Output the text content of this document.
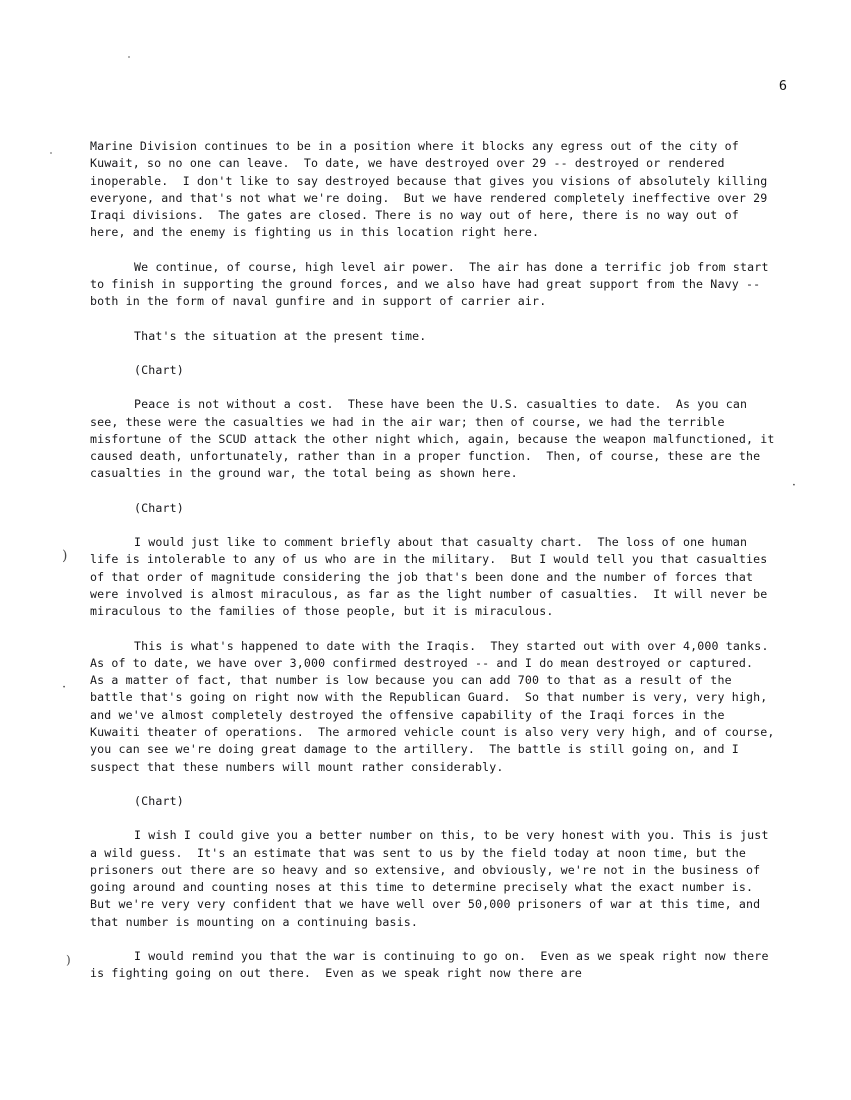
6
)
)
·
·

Marine Division continues to be in a position where it blocks any egress out of the city of Kuwait, so no one can leave.  To date, we have destroyed over 29 -- destroyed or rendered inoperable.  I don't like to say destroyed because that gives you visions of absolutely killing everyone, and that's not what we're doing.  But we have rendered completely ineffective over 29 Iraqi divisions.  The gates are closed. There is no way out of here, there is no way out of here, and the enemy is fighting us in this location right here.

We continue, of course, high level air power.  The air has done a terrific job from start to finish in supporting the ground forces, and we also have had great support from the Navy -- both in the form of naval gunfire and in support of carrier air.

That's the situation at the present time.

(Chart)

Peace is not without a cost.  These have been the U.S. casualties to date.  As you can see, these were the casualties we had in the air war; then of course, we had the terrible misfortune of the SCUD attack the other night which, again, because the weapon malfunctioned, it caused death, unfortunately, rather than in a proper function.  Then, of course, these are the casualties in the ground war, the total being as shown here.

(Chart)

I would just like to comment briefly about that casualty chart.  The loss of one human life is intolerable to any of us who are in the military.  But I would tell you that casualties of that order of magnitude considering the job that's been done and the number of forces that were involved is almost miraculous, as far as the light number of casualties.  It will never be miraculous to the families of those people, but it is miraculous.

This is what's happened to date with the Iraqis.  They started out with over 4,000 tanks.  As of to date, we have over 3,000 confirmed destroyed -- and I do mean destroyed or captured.  As a matter of fact, that number is low because you can add 700 to that as a result of the battle that's going on right now with the Republican Guard.  So that number is very, very high, and we've almost completely destroyed the offensive capability of the Iraqi forces in the Kuwaiti theater of operations.  The armored vehicle count is also very very high, and of course, you can see we're doing great damage to the artillery.  The battle is still going on, and I suspect that these numbers will mount rather considerably.

(Chart)

I wish I could give you a better number on this, to be very honest with you. This is just a wild guess.  It's an estimate that was sent to us by the field today at noon time, but the prisoners out there are so heavy and so extensive, and obviously, we're not in the business of going around and counting noses at this time to determine precisely what the exact number is.  But we're very very confident that we have well over 50,000 prisoners of war at this time, and that number is mounting on a continuing basis.

I would remind you that the war is continuing to go on.  Even as we speak right now there is fighting going on out there.  Even as we speak right now there are
